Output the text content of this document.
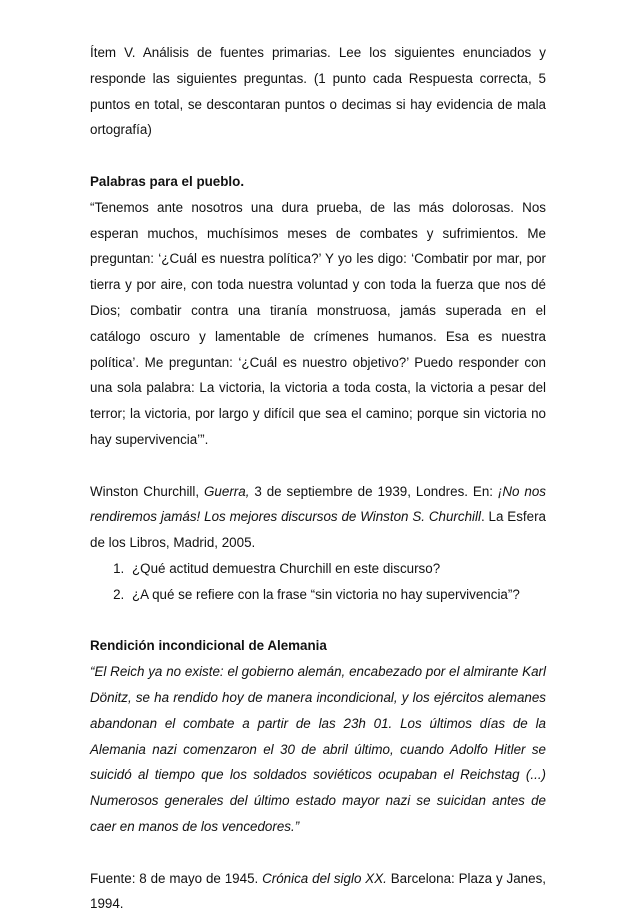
Ítem V. Análisis de fuentes primarias. Lee los siguientes enunciados y responde las siguientes preguntas. (1 punto cada Respuesta correcta, 5 puntos en total, se descontaran puntos o decimas si hay evidencia de mala ortografía)

Palabras para el pueblo.

“Tenemos ante nosotros una dura prueba, de las más dolorosas. Nos esperan muchos, muchísimos meses de combates y sufrimientos. Me preguntan: ‘¿Cuál es nuestra política?’ Y yo les digo: ‘Combatir por mar, por tierra y por aire, con toda nuestra voluntad y con toda la fuerza que nos dé Dios; combatir contra una tiranía monstruosa, jamás superada en el catálogo oscuro y lamentable de crímenes humanos. Esa es nuestra política’. Me preguntan: ‘¿Cuál es nuestro objetivo?’ Puedo responder con una sola palabra: La victoria, la victoria a toda costa, la victoria a pesar del terror; la victoria, por largo y difícil que sea el camino; porque sin victoria no hay supervivencia’”.

Winston Churchill, Guerra, 3 de septiembre de 1939, Londres. En: ¡No nos rendiremos jamás! Los mejores discursos de Winston S. Churchill. La Esfera de los Libros, Madrid, 2005.

1. ¿Qué actitud demuestra Churchill en este discurso?
2. ¿A qué se refiere con la frase “sin victoria no hay supervivencia”?

Rendición incondicional de Alemania

“El Reich ya no existe: el gobierno alemán, encabezado por el almirante Karl Dönitz, se ha rendido hoy de manera incondicional, y los ejércitos alemanes abandonan el combate a partir de las 23h 01. Los últimos días de la Alemania nazi comenzaron el 30 de abril último, cuando Adolfo Hitler se suicidó al tiempo que los soldados soviéticos ocupaban el Reichstag (...) Numerosos generales del último estado mayor nazi se suicidan antes de caer en manos de los vencedores.”

Fuente: 8 de mayo de 1945. Crónica del siglo XX. Barcelona: Plaza y Janes, 1994.
